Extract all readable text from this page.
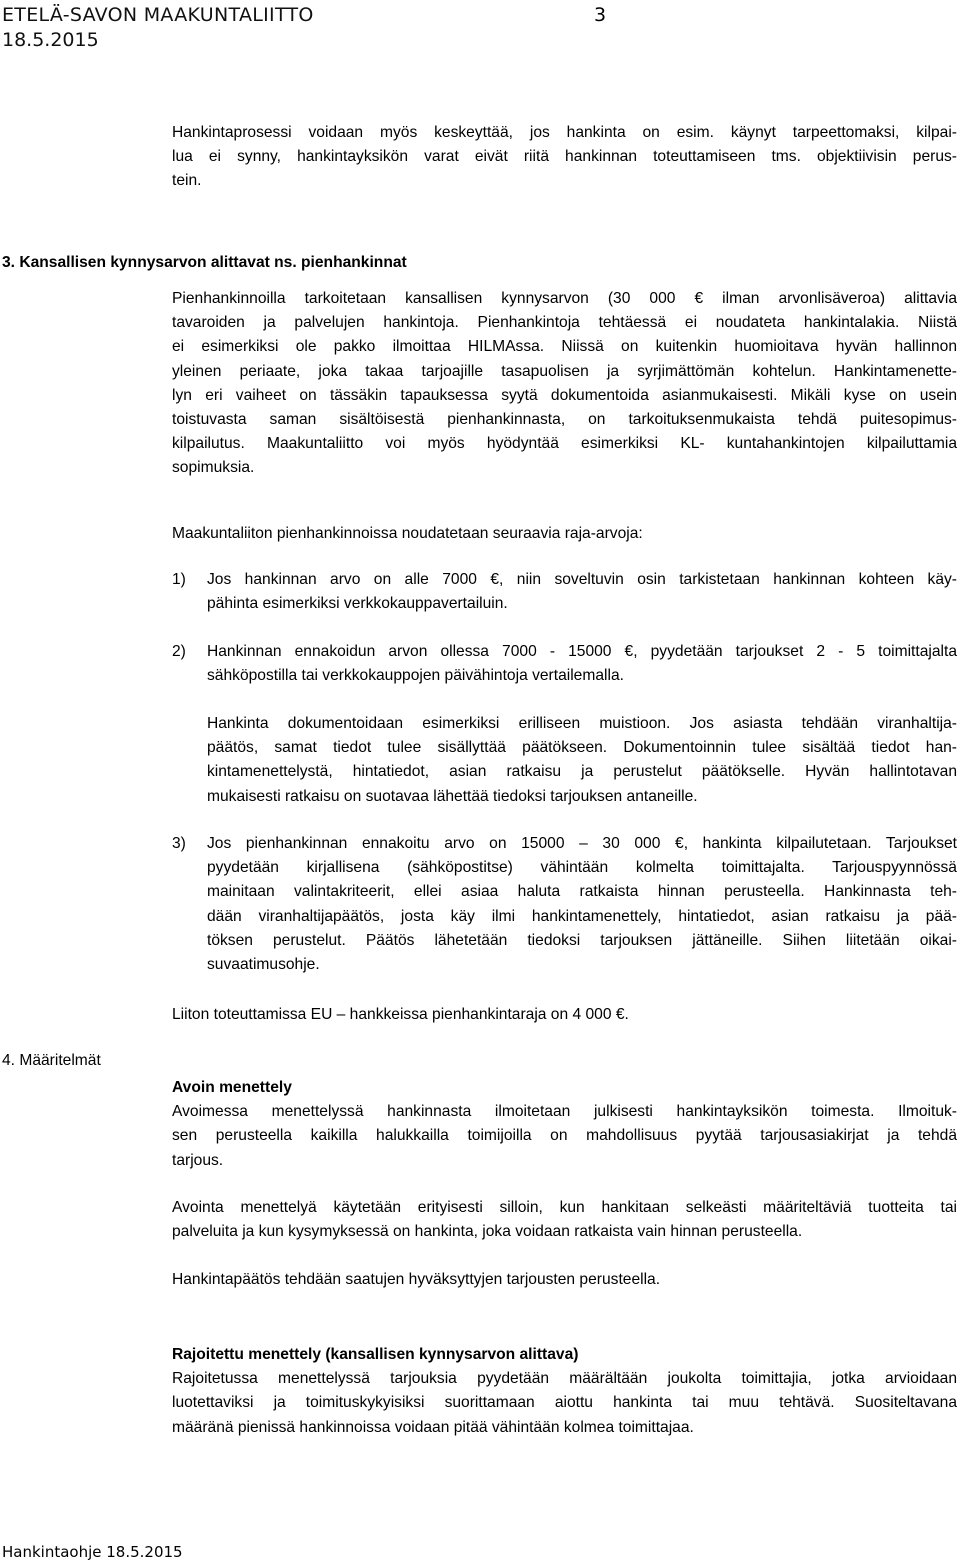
ETELÄ-SAVON MAAKUNTALIITTO	3
18.5.2015
Hankintaprosessi voidaan myös keskeyttää, jos hankinta on esim. käynyt tarpeettomaksi, kilpai-
lua ei synny, hankintayksikön varat eivät riitä hankinnan toteuttamiseen tms. objektiivisin perus-
tein.
3. Kansallisen kynnysarvon alittavat ns. pienhankinnat
Pienhankinnoilla tarkoitetaan kansallisen kynnysarvon (30 000 € ilman arvonlisäveroa) alittavia
tavaroiden ja palvelujen hankintoja. Pienhankintoja tehtäessä ei noudateta hankintalakia. Niistä
ei esimerkiksi ole pakko ilmoittaa HILMAssa. Niissä on kuitenkin huomioitava hyvän hallinnon
yleinen periaate, joka takaa tarjoajille tasapuolisen ja syrjimättömän kohtelun. Hankintamenette-
lyn eri vaiheet on tässäkin tapauksessa syytä dokumentoida asianmukaisesti. Mikäli kyse on usein
toistuvasta saman sisältöisestä pienhankinnasta, on tarkoituksenmukaista tehdä puitesopimus-
kilpailutus. Maakuntaliitto voi myös hyödyntää esimerkiksi KL- kuntahankintojen kilpailuttamia
sopimuksia.
Maakuntaliiton pienhankinnoissa noudatetaan seuraavia raja-arvoja:
1) Jos hankinnan arvo on alle 7000 €, niin soveltuvin osin tarkistetaan hankinnan kohteen käy-
pähinta esimerkiksi verkkokauppavertailuin.
2) Hankinnan ennakoidun arvon ollessa 7000 - 15000 €, pyydetään tarjoukset 2 - 5 toimittajalta
sähköpostilla tai verkkokauppojen päivähintoja vertailemalla.
Hankinta dokumentoidaan esimerkiksi erilliseen muistioon. Jos asiasta tehdään viranhaltija-
päätös, samat tiedot tulee sisällyttää päätökseen. Dokumentoinnin tulee sisältää tiedot han-
kintamenettelystä, hintatiedot, asian ratkaisu ja perustelut päätökselle. Hyvän hallintotavan
mukaisesti ratkaisu on suotavaa lähettää tiedoksi tarjouksen antaneille.
3) Jos pienhankinnan ennakoitu arvo on 15000 – 30 000 €, hankinta kilpailutetaan. Tarjoukset
pyydetään kirjallisena (sähköpostitse) vähintään kolmelta toimittajalta. Tarjouspyynnössä
mainitaan valintakriteerit, ellei asiaa haluta ratkaista hinnan perusteella. Hankinnasta teh-
dään viranhaltijapäätös, josta käy ilmi hankintamenettely, hintatiedot, asian ratkaisu ja pää-
töksen perustelut. Päätös lähetetään tiedoksi tarjouksen jättäneille. Siihen liitetään oikai-
suvaatimusohje.
Liiton toteuttamissa EU – hankkeissa pienhankintaraja on 4 000 €.
4. Määritelmät
Avoin menettely
Avoimessa menettelyssä hankinnasta ilmoitetaan julkisesti hankintayksikön toimesta. Ilmoituk-
sen perusteella kaikilla halukkailla toimijoilla on mahdollisuus pyytää tarjousasiakirjat ja tehdä
tarjous.
Avointa menettelyä käytetään erityisesti silloin, kun hankitaan selkeästi määriteltäviä tuotteita tai
palveluita ja kun kysymyksessä on hankinta, joka voidaan ratkaista vain hinnan perusteella.
Hankintapäätös tehdään saatujen hyväksyttyjen tarjousten perusteella.
Rajoitettu menettely (kansallisen kynnysarvon alittava)
Rajoitetussa menettelyssä tarjouksia pyydetään määrältään joukolta toimittajia, jotka arvioidaan
luotettaviksi ja toimituskykyisiksi suorittamaan aiottu hankinta tai muu tehtävä. Suositeltavana
määränä pienissä hankinnoissa voidaan pitää vähintään kolmea toimittajaa.
Hankintaohje 18.5.2015
